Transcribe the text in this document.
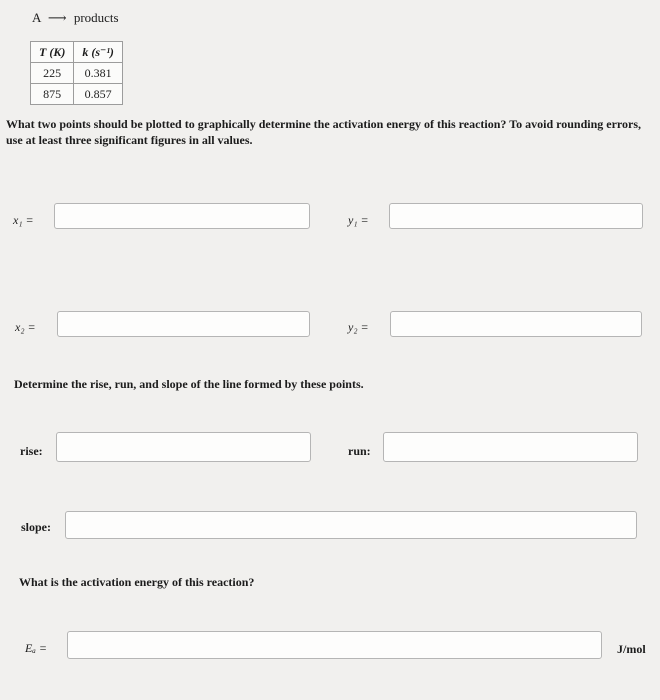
A ⟶ products
T (K)	k (s⁻¹)
225	0.381
875	0.857
What two points should be plotted to graphically determine the activation energy of this reaction? To avoid rounding errors, use at least three significant figures in all values.
x₁ =	y₁ =
x₂ =	y₂ =
Determine the rise, run, and slope of the line formed by these points.
rise:	run:
slope:
What is the activation energy of this reaction?
Eₐ =	J/mol
